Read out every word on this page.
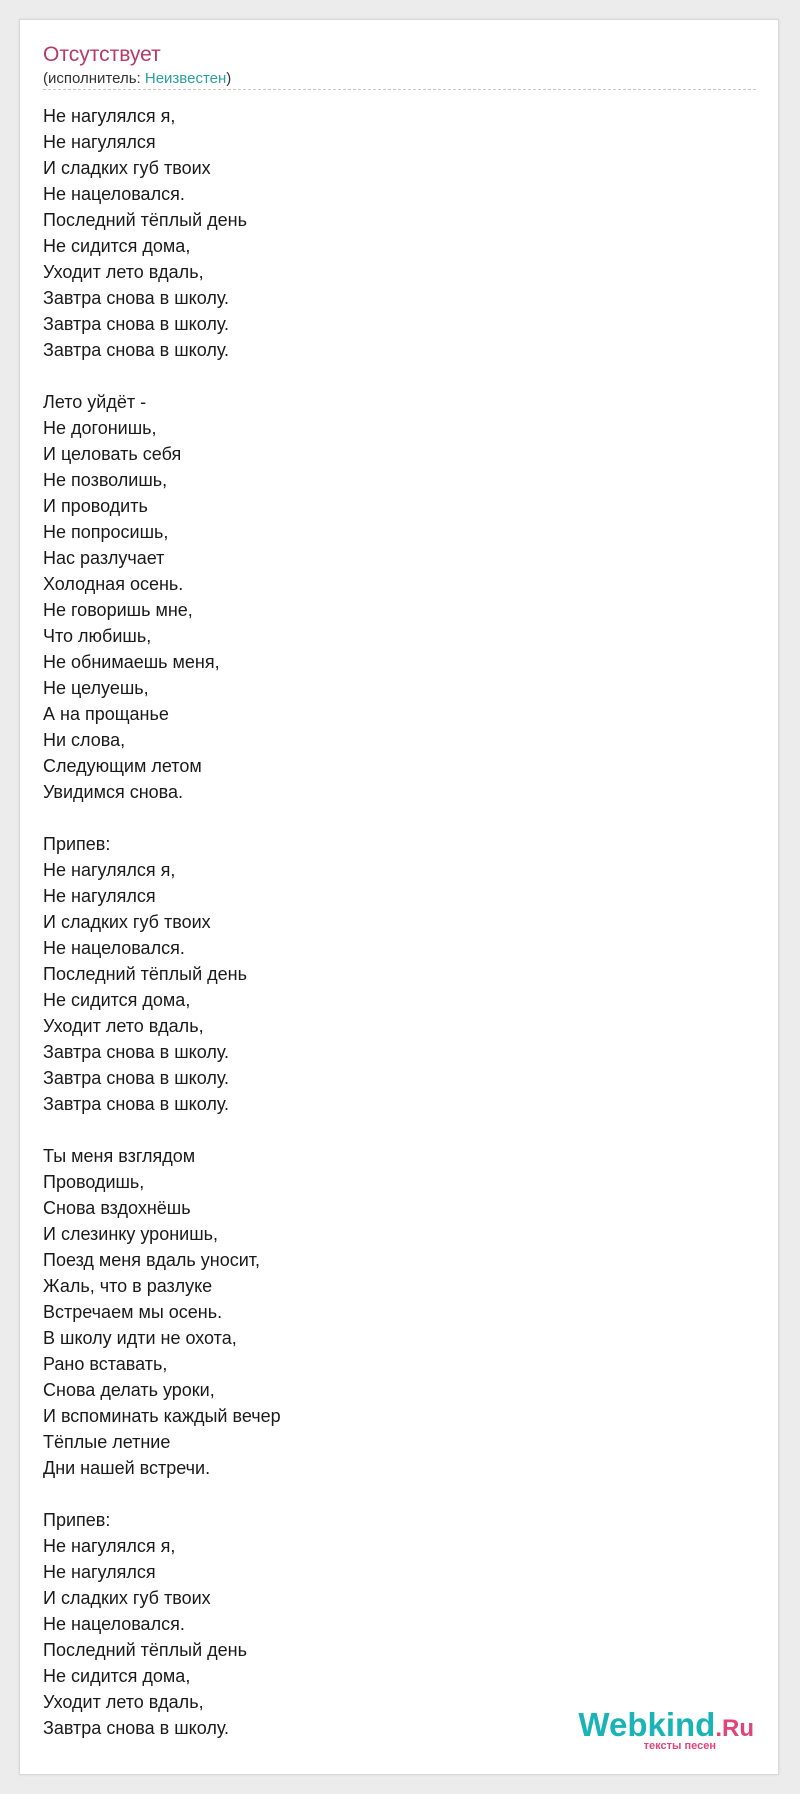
Отсутствует
(исполнитель: Неизвестен)
Не нагулялся я,
Не нагулялся
И сладких губ твоих
Не нацеловался.
Последний тёплый день
Не сидится дома,
Уходит лето вдаль,
Завтра снова в школу.
Завтра снова в школу.
Завтра снова в школу.
Лето уйдёт -
Не догонишь,
И целовать себя
Не позволишь,
И проводить
Не попросишь,
Нас разлучает
Холодная осень.
Не говоришь мне,
Что любишь,
Не обнимаешь меня,
Не целуешь,
А на прощанье
Ни слова,
Следующим летом
Увидимся снова.
Припев:
Не нагулялся я,
Не нагулялся
И сладких губ твоих
Не нацеловался.
Последний тёплый день
Не сидится дома,
Уходит лето вдаль,
Завтра снова в школу.
Завтра снова в школу.
Завтра снова в школу.
Ты меня взглядом
Проводишь,
Снова вздохнёшь
И слезинку уронишь,
Поезд меня вдаль уносит,
Жаль, что в разлуке
Встречаем мы осень.
В школу идти не охота,
Рано вставать,
Снова делать уроки,
И вспоминать каждый вечер
Тёплые летние
Дни нашей встречи.
Припев:
Не нагулялся я,
Не нагулялся
И сладких губ твоих
Не нацеловался.
Последний тёплый день
Не сидится дома,
Уходит лето вдаль,
Завтра снова в школу.	Webkind.Ru
тексты песен
